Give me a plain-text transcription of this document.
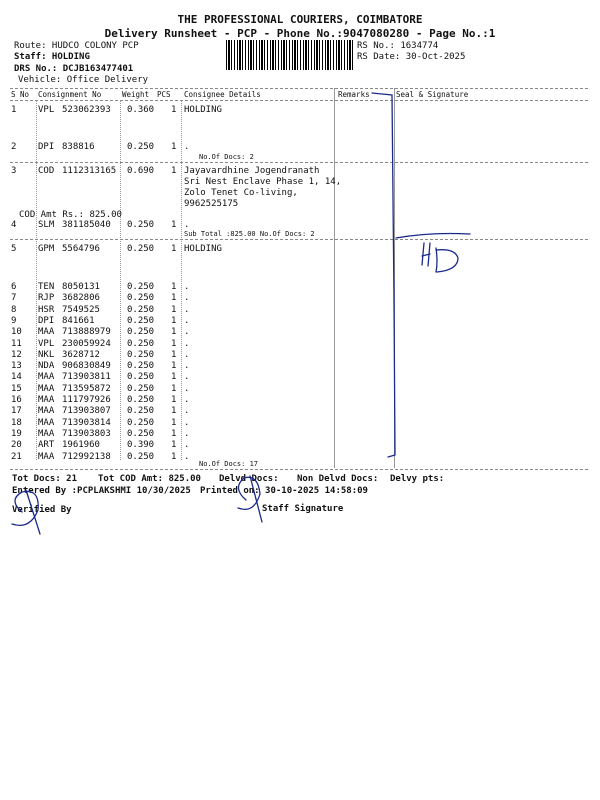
THE PROFESSIONAL COURIERS, COIMBATORE
Delivery Runsheet - PCP - Phone No.:9047080280 - Page No.:1
Route: HUDCO COLONY PCP
Staff: HOLDING
DRS No.: DCJB163477401
Vehicle: Office Delivery
RS No.: 1634774
RS Date: 30-Oct-2025
S No Consignment No	Weight PCS Consignee Details	Remarks	Seal & Signature
1 VPL 523062393 0.360 1 HOLDING
2 DPI 838816	0.250 1 .
No.Of Docs: 2
3 COD 1112313165 0.690 1 Jayavardhine Jogendranath
Sri Nest Enclave Phase 1, 14,
Zolo Tenet Co-living,
9962525175
COD Amt Rs.: 825.00
4 SLM 381185040 0.250 1 .
Sub Total :825.00 No.Of Docs: 2
5 GPM 5564796	0.250 1 HOLDING
6 TEN 8050131	0.250 1 .
7 RJP 3682806	0.250 1 .
8 HSR 7549525	0.250 1 .
9 DPI 841661	0.250 1 .
10 MAA 713888979 0.250 1 .
11 VPL 230059924 0.250 1 .
12 NKL 3628712	0.250 1 .
13 NDA 906830849 0.250 1 .
14 MAA 713903811 0.250 1 .
15 MAA 713595872 0.250 1 .
16 MAA 111797926 0.250 1 .
17 MAA 713903807 0.250 1 .
18 MAA 713903814 0.250 1 .
19 MAA 713903803 0.250 1 .
20 ART 1961960	0.390 1 .
21 MAA 712992138 0.250 1 .
No.Of Docs: 17
Tot Docs: 21 Tot COD Amt: 825.00 Delvd Docs: Non Delvd Docs: Delvy pts:
Entered By :PCPLAKSHMI 10/30/2025 Printed on: 30-10-2025 14:58:09
Verified By	Staff Signature
